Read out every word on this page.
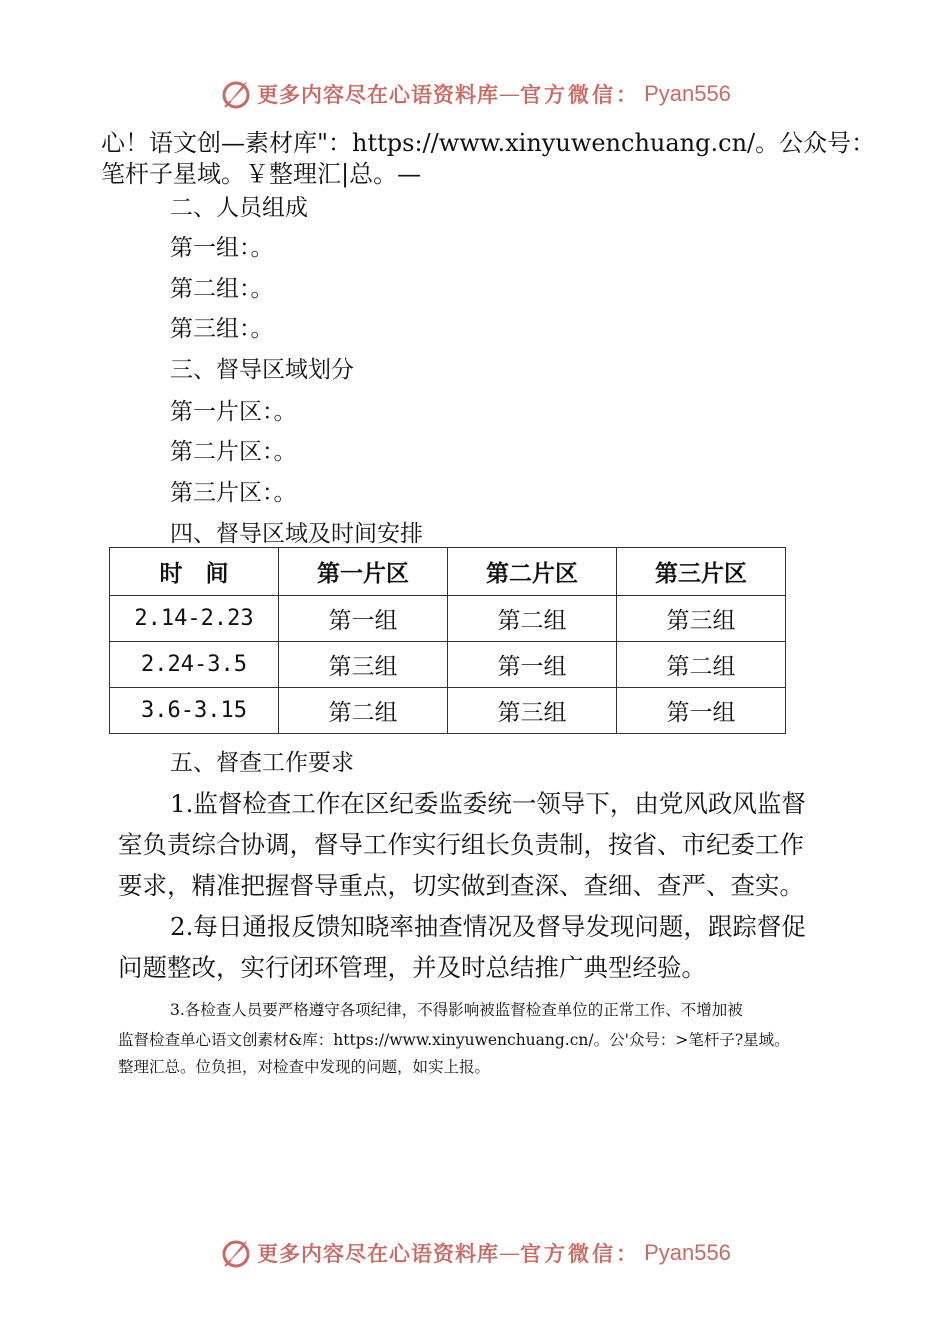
更多内容尽在心语资料库 — 官方微信： Pyan556
心！语文创—素材库"：https://www.xinyuwenchuang.cn/。公众号：
笔杆子星域。￥整理汇|总。—
二、人员组成
第一组：。
第二组：。
第三组：。
三、督导区域划分
第一片区：。
第二片区：。
第三片区：。
四、督导区域及时间安排
时　间	第一片区	第二片区	第三片区
2.14-2.23	第一组	第二组	第三组
2.24-3.5	第三组	第一组	第二组
3.6-3.15	第二组	第三组	第一组
五、督查工作要求
1.监督检查工作在区纪委监委统一领导下，由党风政风监督
室负责综合协调，督导工作实行组长负责制，按省、市纪委工作
要求，精准把握督导重点，切实做到查深、查细、查严、查实。
2.每日通报反馈知晓率抽查情况及督导发现问题，跟踪督促
问题整改，实行闭环管理，并及时总结推广典型经验。
3.各检查人员要严格遵守各项纪律，不得影响被监督检查单位的正常工作、不增加被
监督检查单心语文创素材&库：https://www.xinyuwenchuang.cn/。公'众号：>笔杆子?星域。
整理汇总。位负担，对检查中发现的问题，如实上报。
更多内容尽在心语资料库 — 官方微信： Pyan556
